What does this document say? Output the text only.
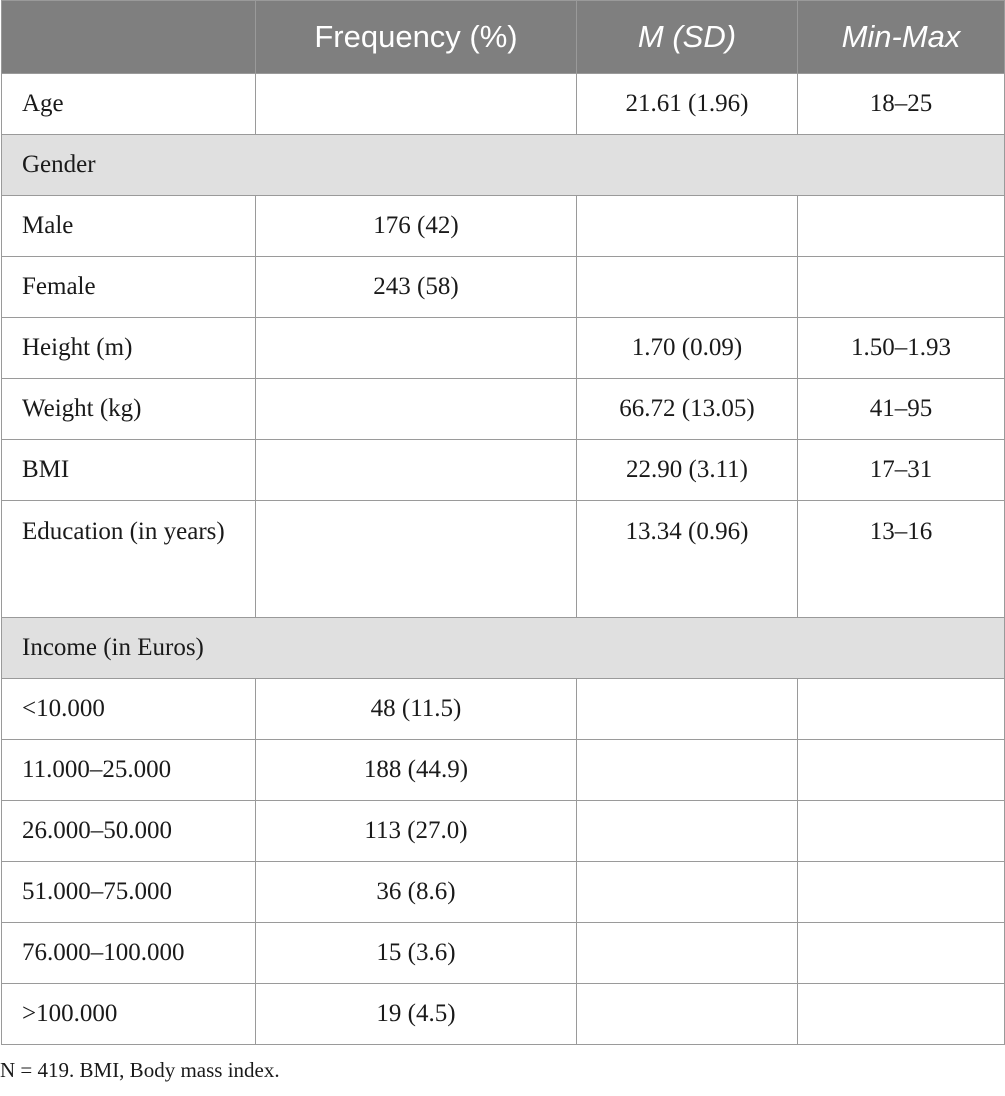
	Frequency (%)	M (SD)	Min-Max
Age		21.61 (1.96)	18–25
Gender			
Male	176 (42)		
Female	243 (58)		
Height (m)		1.70 (0.09)	1.50–1.93
Weight (kg)		66.72 (13.05)	41–95
BMI		22.90 (3.11)	17–31
Education (in years)		13.34 (0.96)	13–16
Income (in Euros)			
<10.000	48 (11.5)		
11.000–25.000	188 (44.9)		
26.000–50.000	113 (27.0)		
51.000–75.000	36 (8.6)		
76.000–100.000	15 (3.6)		
>100.000	19 (4.5)		
N = 419. BMI, Body mass index.
